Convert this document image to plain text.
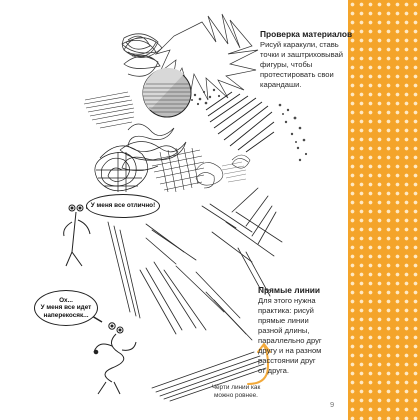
Проверка материалов
Рисуй каракули, ставь
точки и заштриховывай
фигуры, чтобы
протестировать свои
карандаши.
Прямые линии
Для этого нужна
практика: рисуй
прямые линии
разной длины,
параллельно друг
другу и на разном
расстоянии друг
от друга.
У меня все отлично!
Ох...
У меня все идет
наперекосяк...
Черти линии как
можно ровнее.
9
